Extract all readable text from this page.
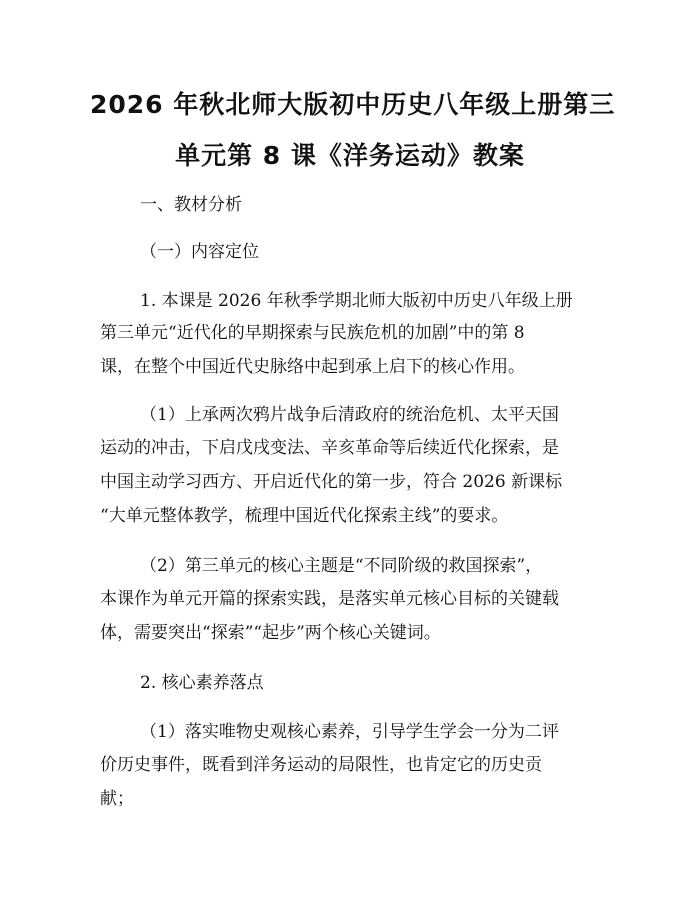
2026 年秋北师大版初中历史八年级上册第三
单元第 8 课《洋务运动》教案

一、教材分析

（一）内容定位

1. 本课是 2026 年秋季学期北师大版初中历史八年级上册

第三单元“近代化的早期探索与民族危机的加剧”中的第 8

课，在整个中国近代史脉络中起到承上启下的核心作用。

（1）上承两次鸦片战争后清政府的统治危机、太平天国

运动的冲击，下启戊戌变法、辛亥革命等后续近代化探索，是

中国主动学习西方、开启近代化的第一步，符合 2026 新课标

“大单元整体教学，梳理中国近代化探索主线”的要求。

（2）第三单元的核心主题是“不同阶级的救国探索”，

本课作为单元开篇的探索实践，是落实单元核心目标的关键载

体，需要突出“探索”“起步”两个核心关键词。

2. 核心素养落点

（1）落实唯物史观核心素养，引导学生学会一分为二评

价历史事件，既看到洋务运动的局限性，也肯定它的历史贡

献；
